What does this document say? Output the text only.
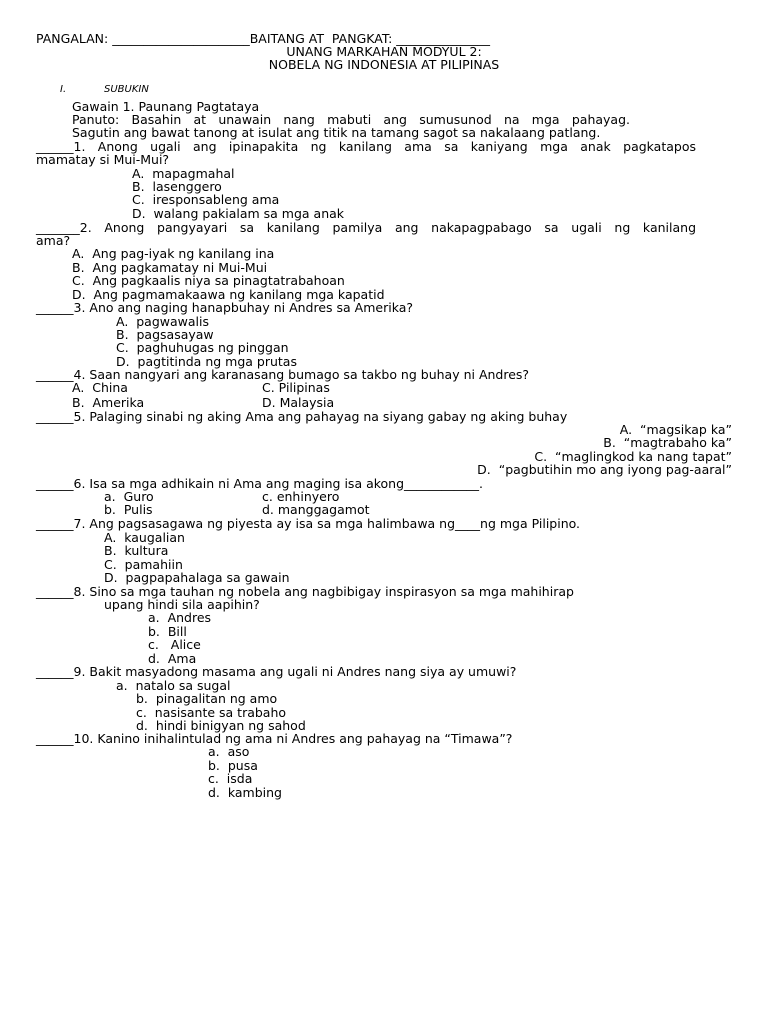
PANGALAN: ______________________BAITANG AT  PANGKAT: _______________
UNANG MARKAHAN MODYUL 2:
NOBELA NG INDONESIA AT PILIPINAS
I.	SUBUKIN
Gawain 1. Paunang Pagtataya
Panuto: Basahin at unawain nang mabuti ang sumusunod na mga pahayag.
Sagutin ang bawat tanong at isulat ang titik na tamang sagot sa nakalaang patlang.
______1. Anong ugali ang ipinapakita ng kanilang ama sa kaniyang mga anak pagkatapos
mamatay si Mui-Mui?
A.  mapagmahal
B.  lasenggero
C.  iresponsableng ama
D.  walang pakialam sa mga anak
_______2. Anong pangyayari sa kanilang pamilya ang nakapagpabago sa ugali ng kanilang
ama?
A.  Ang pag-iyak ng kanilang ina
B.  Ang pagkamatay ni Mui-Mui
C.  Ang pagkaalis niya sa pinagtatrabahoan
D.  Ang pagmamakaawa ng kanilang mga kapatid
______3. Ano ang naging hanapbuhay ni Andres sa Amerika?
A.  pagwawalis
B.  pagsasayaw
C.  paghuhugas ng pinggan
D.  pagtitinda ng mga prutas
______4. Saan nangyari ang karanasang bumago sa takbo ng buhay ni Andres?
A.  China	C. Pilipinas
B.  Amerika	D. Malaysia
______5. Palaging sinabi ng aking Ama ang pahayag na siyang gabay ng aking buhay
A.  “magsikap ka”
B.  “magtrabaho ka”
C.  “maglingkod ka nang tapat”
D.  “pagbutihin mo ang iyong pag-aaral”
______6. Isa sa mga adhikain ni Ama ang maging isa akong____________.
a.  Guro	c. enhinyero
b.  Pulis	d. manggagamot
______7. Ang pagsasagawa ng piyesta ay isa sa mga halimbawa ng____ng mga Pilipino.
A.  kaugalian
B.  kultura
C.  pamahiin
D.  pagpapahalaga sa gawain
______8. Sino sa mga tauhan ng nobela ang nagbibigay inspirasyon sa mga mahihirap
upang hindi sila aapihin?
a.  Andres
b.  Bill
c.   Alice
d.  Ama
______9. Bakit masyadong masama ang ugali ni Andres nang siya ay umuwi?
a.  natalo sa sugal
b.  pinagalitan ng amo
c.  nasisante sa trabaho
d.  hindi binigyan ng sahod
______10. Kanino inihalintulad ng ama ni Andres ang pahayag na “Timawa”?
a.  aso
b.  pusa
c.  isda
d.  kambing
